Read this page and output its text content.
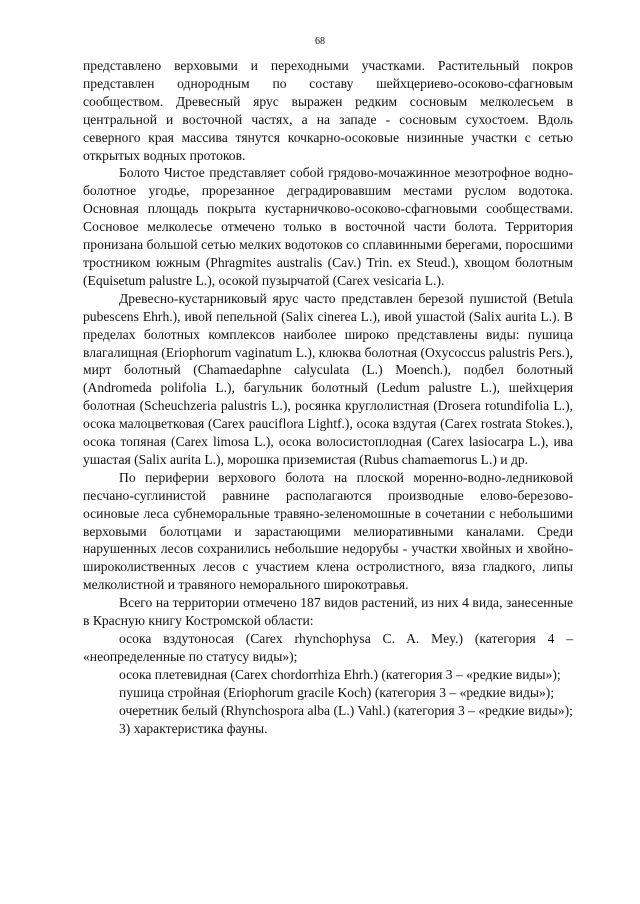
68

представлено верховыми и переходными участками. Растительный покров представлен однородным по составу шейхцериево-осоково-сфагновым сообществом. Древесный ярус выражен редким сосновым мелколесьем в центральной и восточной частях, а на западе - сосновым сухостоем. Вдоль северного края массива тянутся кочкарно-осоковые низинные участки с сетью открытых водных протоков.

Болото Чистое представляет собой грядово-мочажинное мезотрофное водно-болотное угодье, прорезанное деградировавшим местами руслом водотока. Основная площадь покрыта кустарничково-осоково-сфагновыми сообществами. Сосновое мелколесье отмечено только в восточной части болота. Территория пронизана большой сетью мелких водотоков со сплавинными берегами, поросшими тростником южным (Phragmites australis (Cav.) Trin. ex Steud.), хвощом болотным (Equisetum palustre L.), осокой пузырчатой (Carex vesicaria L.).

Древесно-кустарниковый ярус часто представлен березой пушистой (Betula pubescens Ehrh.), ивой пепельной (Salix cinerea L.), ивой ушастой (Salix aurita L.). В пределах болотных комплексов наиболее широко представлены виды: пушица влагалищная (Eriophorum vaginatum L.), клюква болотная (Oxycoccus palustris Pers.), мирт болотный (Chamaedaphne calyculata (L.) Moench.), подбел болотный (Andromeda polifolia L.), багульник болотный (Ledum palustre L.), шейхцерия болотная (Scheuchzeria palustris L.), росянка круглолистная (Drosera rotundifolia L.), осока малоцветковая (Carex pauciflora Lightf.), осока вздутая (Carex rostrata Stokes.), осока топяная (Carex limosa L.), осока волосистоплодная (Carex lasiocarpa L.), ива ушастая (Salix aurita L.), морошка приземистая (Rubus chamaemorus L.) и др.

По периферии верхового болота на плоской моренно-водно-ледниковой песчано-суглинистой равнине располагаются производные елово-березово-осиновые леса субнеморальные травяно-зеленомошные в сочетании с небольшими верховыми болотцами и зарастающими мелиоративными каналами. Среди нарушенных лесов сохранились небольшие недорубы - участки хвойных и хвойно-широколиственных лесов с участием клена остролистного, вяза гладкого, липы мелколистной и травяного неморального широкотравья.

Всего на территории отмечено 187 видов растений, из них 4 вида, занесенные в Красную книгу Костромской области:

осока вздутоносая (Carex rhynchophysa C. A. Mey.) (категория 4 – «неопределенные по статусу виды»);

осока плетевидная (Carex chordorrhiza Ehrh.) (категория 3 – «редкие виды»);

пушица стройная (Eriophorum gracile Koch) (категория 3 – «редкие виды»);

очеретник белый (Rhynchospora alba (L.) Vahl.) (категория 3 – «редкие виды»);

3) характеристика фауны.
